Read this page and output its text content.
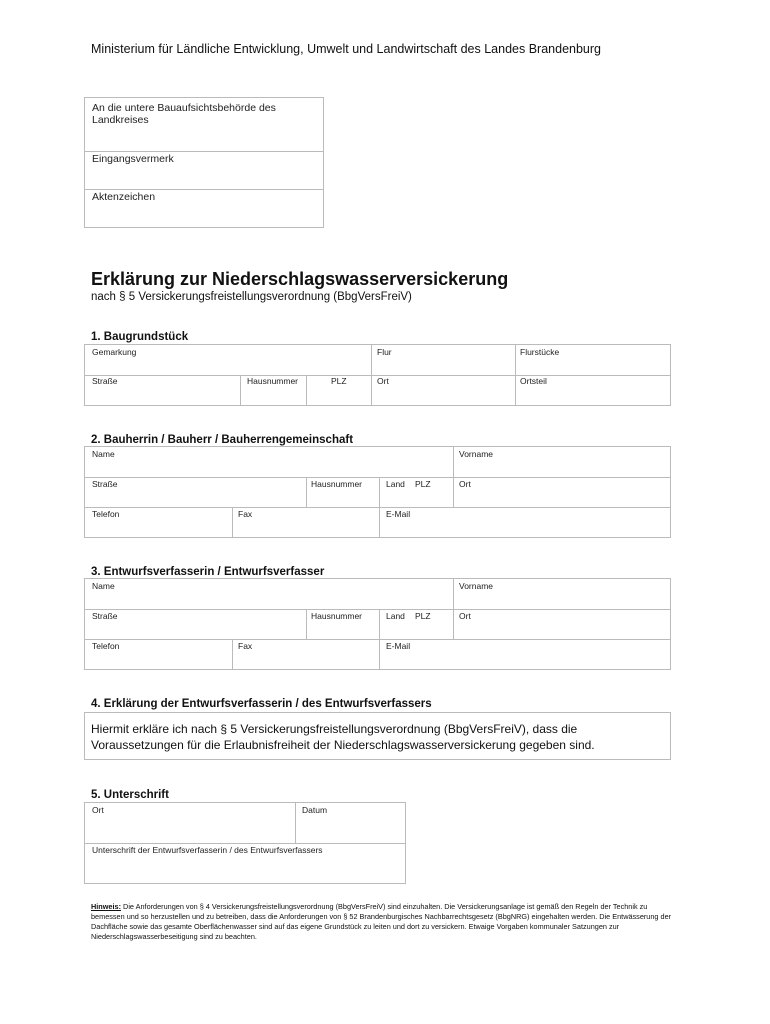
Ministerium für Ländliche Entwicklung, Umwelt und Landwirtschaft des Landes Brandenburg
An die untere Bauaufsichtsbehörde des Landkreises
Eingangsvermerk
Aktenzeichen
Erklärung zur Niederschlagswasserversickerung
nach § 5 Versickerungsfreistellungsverordnung (BbgVersFreiV)
1. Baugrundstück
Gemarkung	Flur	Flurstücke
Straße	Hausnummer	PLZ	Ort	Ortsteil
2. Bauherrin / Bauherr / Bauherrengemeinschaft
Name	Vorname
Straße	Hausnummer	Land PLZ	Ort
Telefon	Fax	E-Mail
3. Entwurfsverfasserin / Entwurfsverfasser
Name	Vorname
Straße	Hausnummer	Land PLZ	Ort
Telefon	Fax	E-Mail
4. Erklärung der Entwurfsverfasserin / des Entwurfsverfassers
Hiermit erkläre ich nach § 5 Versickerungsfreistellungsverordnung (BbgVersFreiV), dass die Voraussetzungen für die Erlaubnisfreiheit der Niederschlagswasserversickerung gegeben sind.
5. Unterschrift
Ort	Datum
Unterschrift der Entwurfsverfasserin / des Entwurfsverfassers
Hinweis: Die Anforderungen von § 4 Versickerungsfreistellungsverordnung (BbgVersFreiV) sind einzuhalten. Die Versickerungsanlage ist gemäß den Regeln der Technik zu bemessen und so herzustellen und zu betreiben, dass die Anforderungen von § 52 Brandenburgisches Nachbarrechtsgesetz (BbgNRG) eingehalten werden. Die Entwässerung der Dachfläche sowie das gesamte Oberflächenwasser sind auf das eigene Grundstück zu leiten und dort zu versickern. Etwaige Vorgaben kommunaler Satzungen zur Niederschlagswasserbeseitigung sind zu beachten.
